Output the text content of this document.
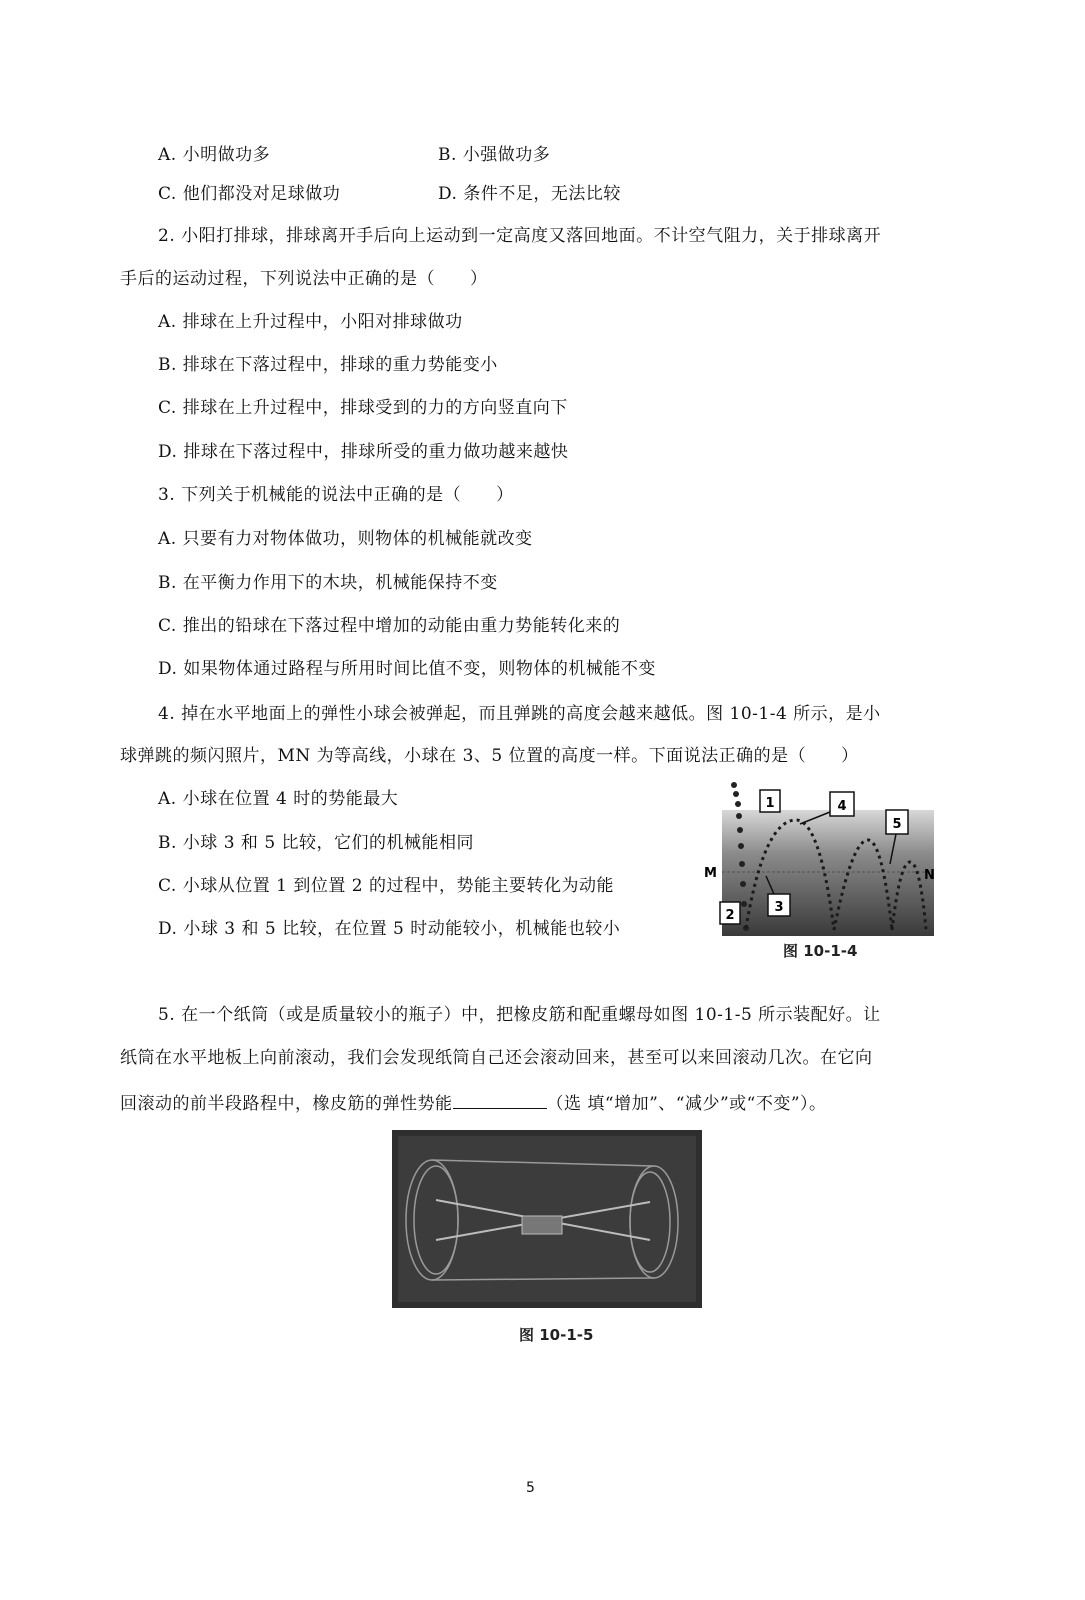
A. 小明做功多	B. 小强做功多
C. 他们都没对足球做功	D. 条件不足，无法比较
2. 小阳打排球，排球离开手后向上运动到一定高度又落回地面。不计空气阻力，关于排球离开
手后的运动过程，下列说法中正确的是（　　）
A. 排球在上升过程中，小阳对排球做功
B. 排球在下落过程中，排球的重力势能变小
C. 排球在上升过程中，排球受到的力的方向竖直向下
D. 排球在下落过程中，排球所受的重力做功越来越快
3. 下列关于机械能的说法中正确的是（　　）
A. 只要有力对物体做功，则物体的机械能就改变
B. 在平衡力作用下的木块，机械能保持不变
C. 推出的铅球在下落过程中增加的动能由重力势能转化来的
D. 如果物体通过路程与所用时间比值不变，则物体的机械能不变
4. 掉在水平地面上的弹性小球会被弹起，而且弹跳的高度会越来越低。图 10-1-4 所示，是小
球弹跳的频闪照片，MN 为等高线，小球在 3、5 位置的高度一样。下面说法正确的是（　　）
A. 小球在位置 4 时的势能最大
B. 小球 3 和 5 比较，它们的机械能相同
C. 小球从位置 1 到位置 2 的过程中，势能主要转化为动能
D. 小球 3 和 5 比较，在位置 5 时动能较小，机械能也较小
1	4
5
2
3
M	N
图 10-1-4
5. 在一个纸筒（或是质量较小的瓶子）中，把橡皮筋和配重螺母如图 10-1-5 所示装配好。让
纸筒在水平地板上向前滚动，我们会发现纸筒自己还会滚动回来，甚至可以来回滚动几次。在它向
回滚动的前半段路程中，橡皮筋的弹性势能	（选 填“增加”、“减少”或“不变”）。
图 10-1-5
5
